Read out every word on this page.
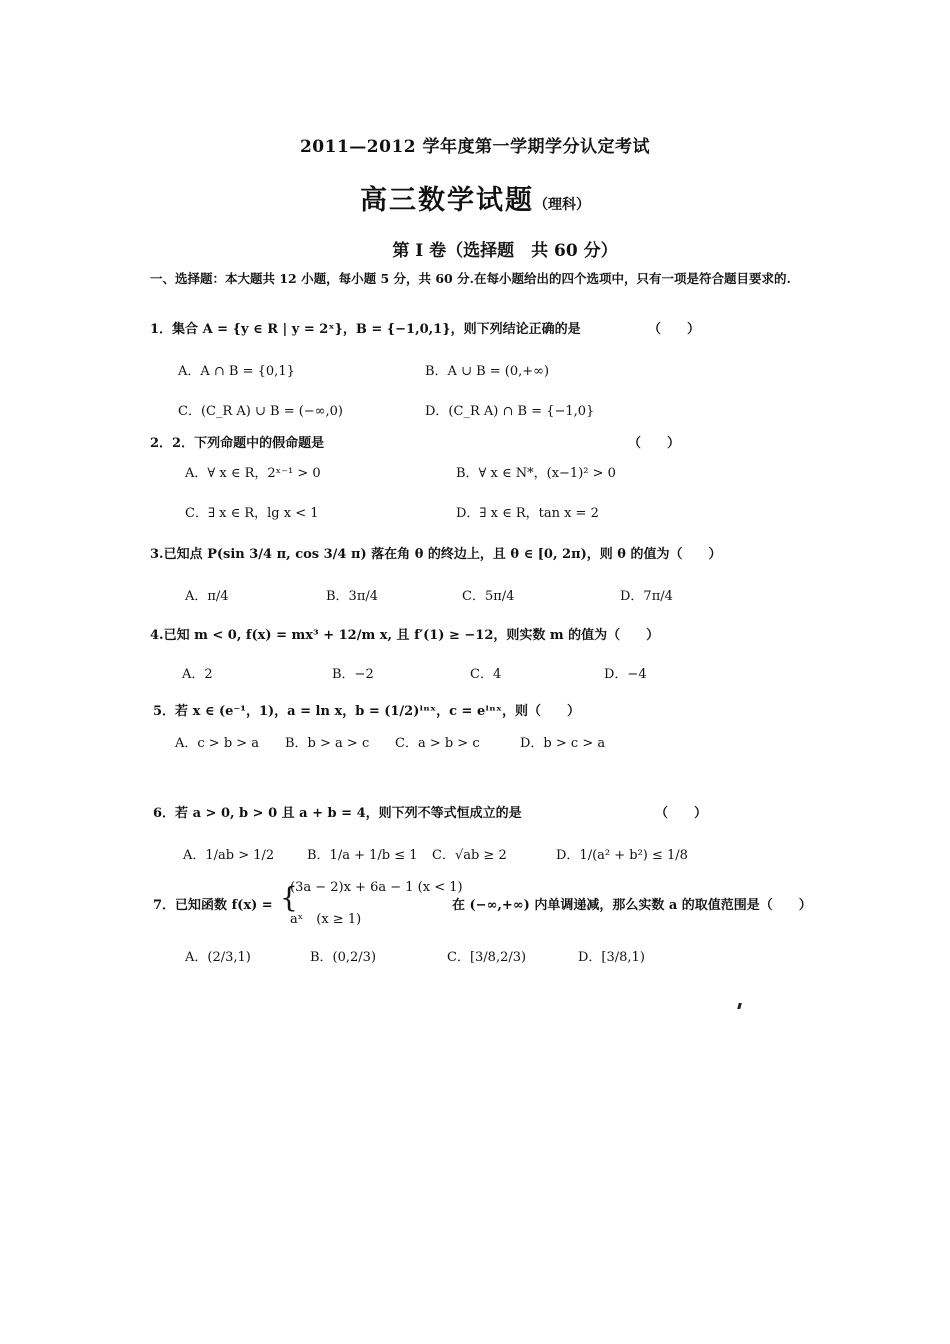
2011—2012 学年度第一学期学分认定考试
高三数学试题（理科）
第 I 卷（选择题　共 60 分）
一、选择题：本大题共 12 小题，每小题 5 分，共 60 分.在每小题给出的四个选项中，只有一项是符合题目要求的.
1．集合 A = {y ∈ R | y = 2ˣ}，B = {−1,0,1}，则下列结论正确的是	（　　）
A．A ∩ B = {0,1}	B．A ∪ B = (0,+∞)
C．(C_R A) ∪ B = (−∞,0)	D．(C_R A) ∩ B = {−1,0}
2．2．下列命题中的假命题是	（　　）
A．∀ x ∈ R，2ˣ⁻¹ > 0	B．∀ x ∈ N*，(x−1)² > 0
C．∃ x ∈ R，lg x < 1	D．∃ x ∈ R，tan x = 2
3.已知点 P(sin 3/4 π, cos 3/4 π) 落在角 θ 的终边上，且 θ ∈ [0, 2π)，则 θ 的值为（　　）
A．π/4	B．3π/4	C．5π/4	D．7π/4
4.已知 m < 0, f(x) = mx³ + 12/m x, 且 f′(1) ≥ −12，则实数 m 的值为（　　）
A．2	B．−2	C．4	D．−4
5．若 x ∈ (e⁻¹，1)，a = ln x，b = (1/2)ˡⁿˣ，c = eˡⁿˣ，则（　　）
A．c > b > a B．b > a > c C．a > b > c	D．b > c > a
6．若 a > 0, b > 0 且 a + b = 4，则下列不等式恒成立的是	（　　）
A．1/ab > 1/2	B．1/a + 1/b ≤ 1 C．√ab ≥ 2	D．1/(a² + b²) ≤ 1/8
7．已知函数 f(x) = {
(3a − 2)x + 6a − 1 (x < 1)
aˣ　(x ≥ 1)
在 (−∞,+∞) 内单调递减，那么实数 a 的取值范围是（　　）
A．(2/3,1)	B．(0,2/3)	C．[3/8,2/3)	D．[3/8,1)
